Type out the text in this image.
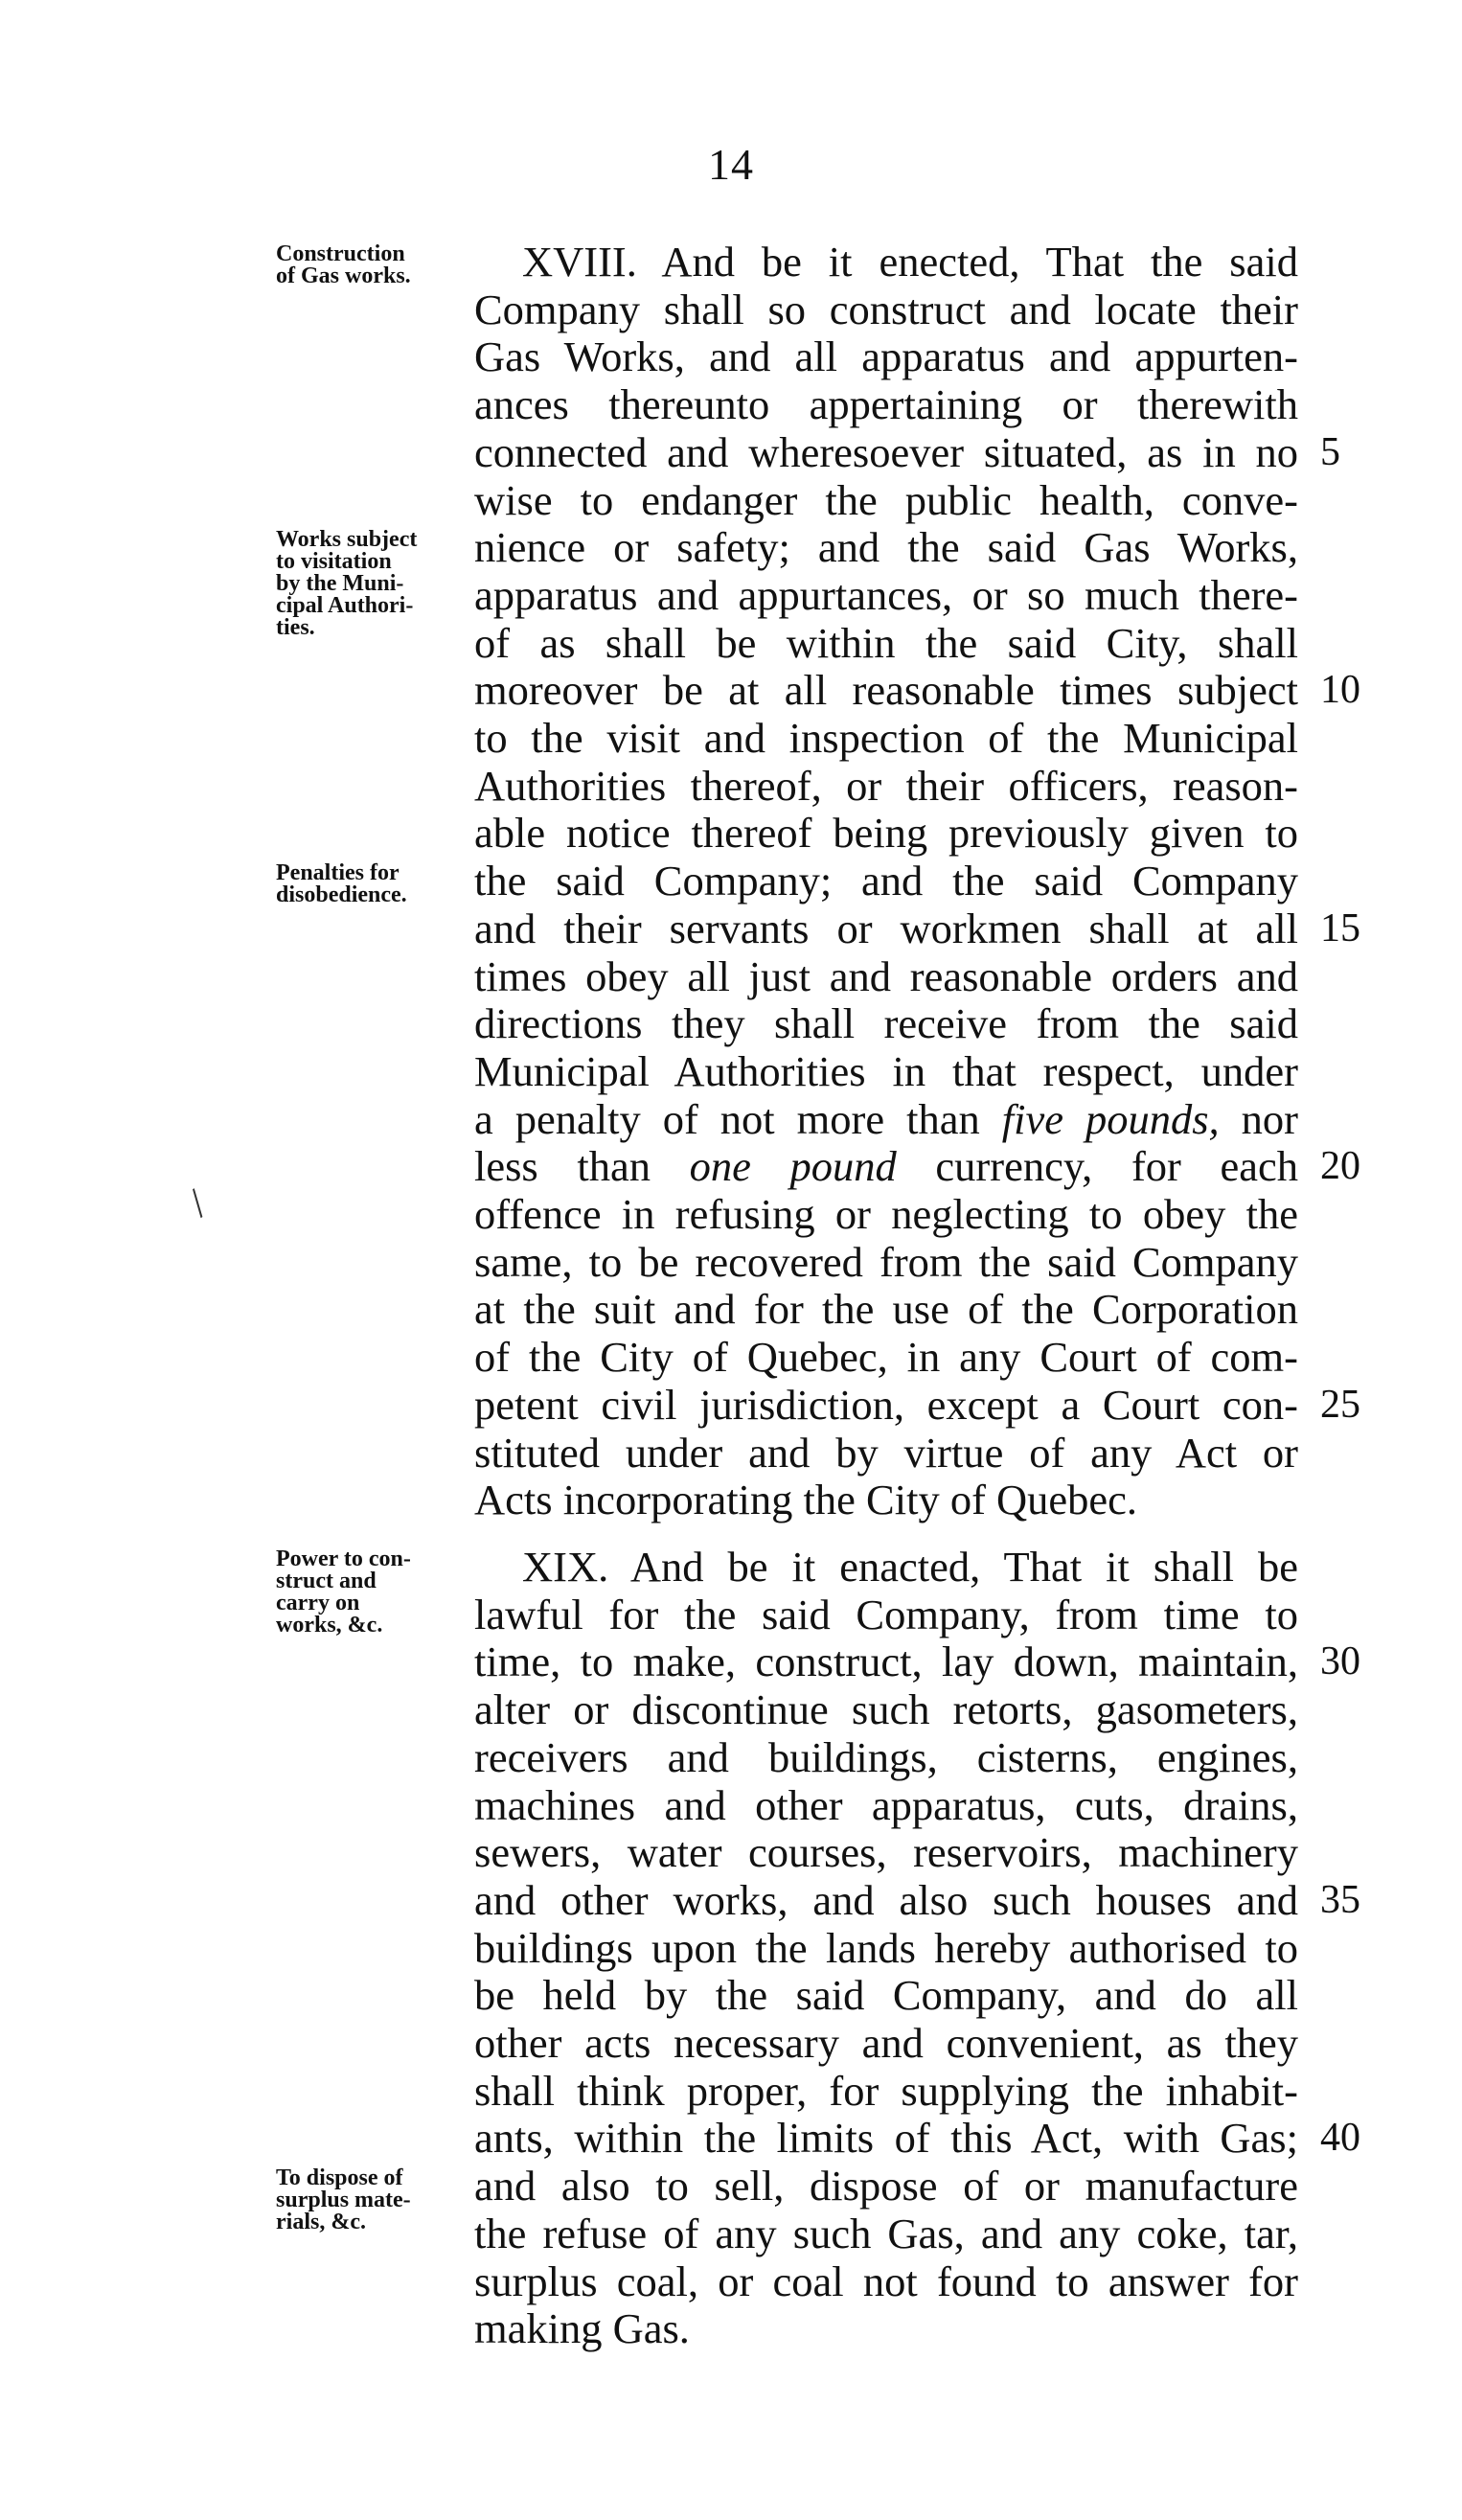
14
XVIII. And be it enected, That the said
Company shall so construct and locate their
Gas Works, and all apparatus and appurten-
ances thereunto appertaining or therewith
connected and wheresoever situated, as in no
wise to endanger the public health, conve-
nience or safety; and the said Gas Works,
apparatus and appurtances, or so much there-
of as shall be within the said City, shall
moreover be at all reasonable times subject
to the visit and inspection of the Municipal
Authorities thereof, or their officers, reason-
able notice thereof being previously given to
the said Company; and the said Company
and their servants or workmen shall at all
times obey all just and reasonable orders and
directions they shall receive from the said
Municipal Authorities in that respect, under
a penalty of not more than five pounds, nor
less than one pound currency, for each
offence in refusing or neglecting to obey the
same, to be recovered from the said Company
at the suit and for the use of the Corporation
of the City of Quebec, in any Court of com-
petent civil jurisdiction, except a Court con-
stituted under and by virtue of any Act or
Acts incorporating the City of Quebec.
5
10
15
20
25
Construction
of Gas works.
Works subject
to visitation
by the Muni-
cipal Authori-
ties.
Penalties for
disobedience.
XIX. And be it enacted, That it shall be
lawful for the said Company, from time to
time, to make, construct, lay down, maintain,
alter or discontinue such retorts, gasometers,
receivers and buildings, cisterns, engines,
machines and other apparatus, cuts, drains,
sewers, water courses, reservoirs, machinery
and other works, and also such houses and
buildings upon the lands hereby authorised to
be held by the said Company, and do all
other acts necessary and convenient, as they
shall think proper, for supplying the inhabit-
ants, within the limits of this Act, with Gas;
and also to sell, dispose of or manufacture
the refuse of any such Gas, and any coke, tar,
surplus coal, or coal not found to answer for
making Gas.
30
35
40
Power to con-
struct and
carry on
works, &c.
To dispose of
surplus mate-
rials, &c.
/
